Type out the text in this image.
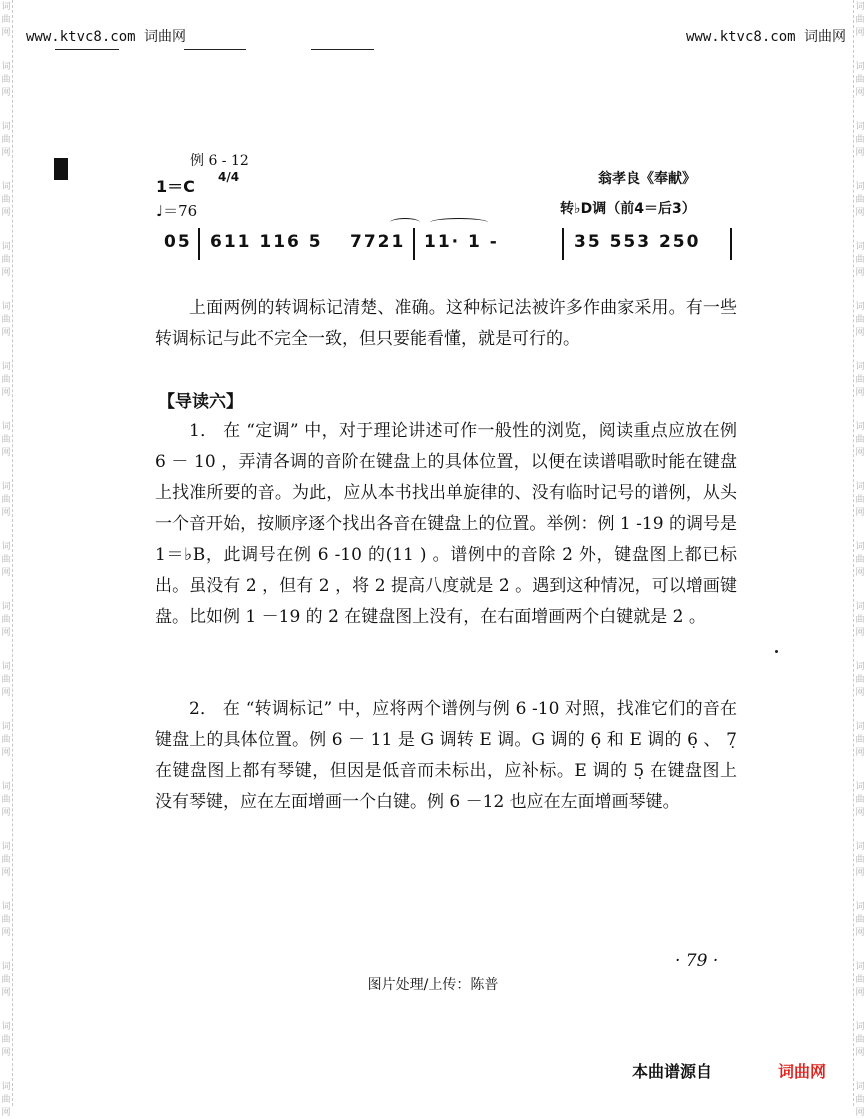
词
曲
网
词
曲
网
词
曲
网
词
曲
网
词
曲
网
词
曲
网
词
曲
网
词
曲
网
词
曲
网
词
曲
网
词
曲
网
词
曲
网
词
曲
网
词
曲
网
词
曲
网
词
曲
网
词
曲
网
词
曲
网
词
曲
网
词
曲
网
词
曲
网
词
曲
网
词
曲
网
词
曲
网
词
曲
网
词
曲
网
词
曲
网
词
曲
网
词
曲
网
词
曲
网
词
曲
网
词
曲
网
词
曲
网
词
曲
网
词
曲
网
词
曲
网
词
曲
网
词
曲
网
www.ktvc8.com 词曲网	www.ktvc8.com 词曲网
例 6 - 12
1＝C 4/4
♩＝76
翁孝良《奉献》
转♭D调（前4＝后3）
05 611 116 5 7721 11· 1 -	35 553 250
上面两例的转调标记清楚、准确。这种标记法被许多作曲家采用。有一些转调标记与此不完全一致，但只要能看懂，就是可行的。
【导读六】
1． 在 “定调” 中，对于理论讲述可作一般性的浏览，阅读重点应放在例 6 － 10 ，弄清各调的音阶在键盘上的具体位置，以便在读谱唱歌时能在键盘上找准所要的音。为此，应从本书找出单旋律的、没有临时记号的谱例，从头一个音开始，按顺序逐个找出各音在键盘上的位置。举例：例 1 -19 的调号是 1＝♭B，此调号在例 6 -10 的(11 ) 。谱例中的音除 2̇ 外，键盘图上都已标出。虽没有 2̇ ，但有 2 ，将 2 提高八度就是 2̇ 。遇到这种情况，可以增画键盘。比如例 1 －19 的 2̇ 在键盘图上没有，在右面增画两个白键就是 2̇ 。
2． 在 “转调标记” 中，应将两个谱例与例 6 -10 对照，找准它们的音在键盘上的具体位置。例 6 － 11 是 G 调转 E 调。G 调的 6̣ 和 E 调的 6̣ 、 7̣ 在键盘图上都有琴键，但因是低音而未标出，应补标。E 调的 5̣ 在键盘图上没有琴键，应在左面增画一个白键。例 6 －12 也应在左面增画琴键。
· 79 ·
图片处理/上传：陈普
本曲谱源自	词曲网
